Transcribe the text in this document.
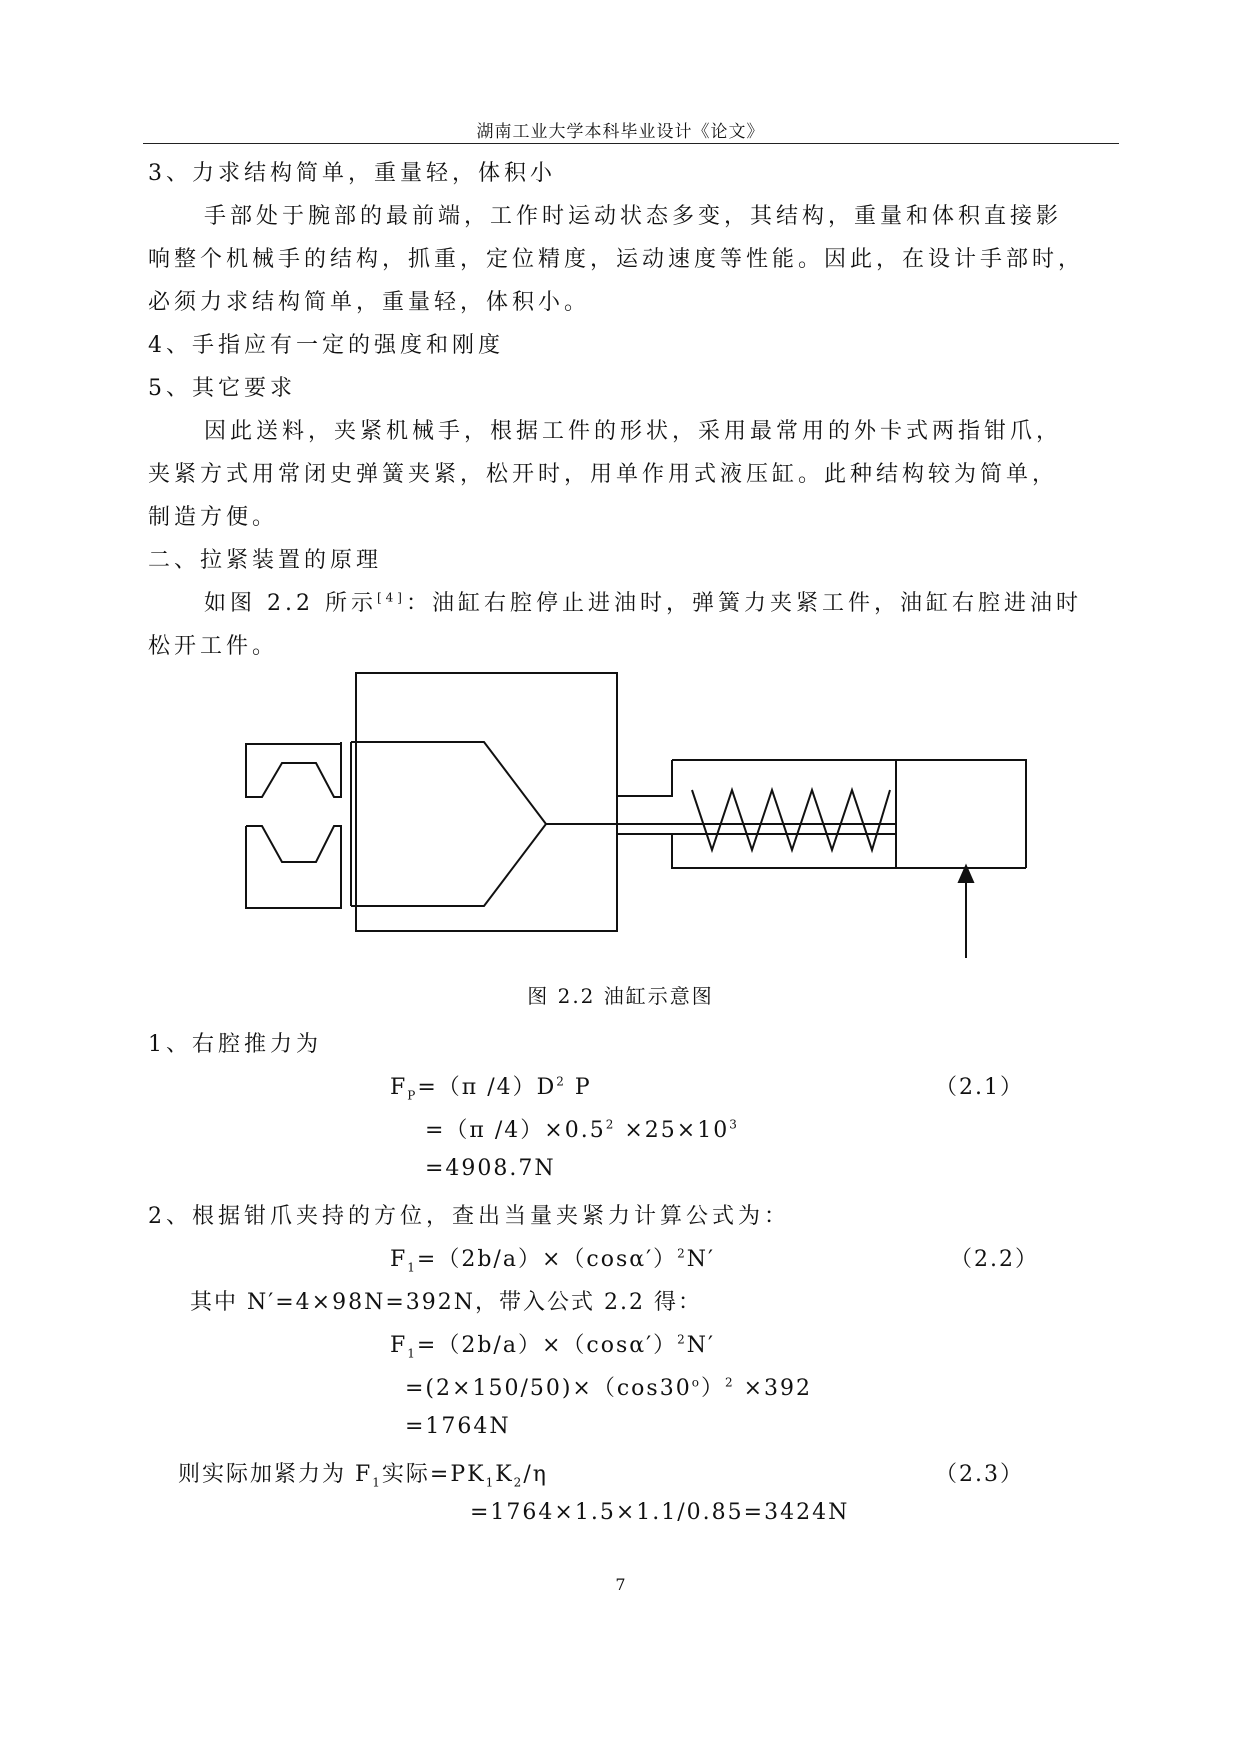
湖南工业大学本科毕业设计《论文》
3、力求结构简单，重量轻，体积小
手部处于腕部的最前端，工作时运动状态多变，其结构，重量和体积直接影
响整个机械手的结构，抓重，定位精度，运动速度等性能。因此，在设计手部时，
必须力求结构简单，重量轻，体积小。
4、手指应有一定的强度和刚度
5、其它要求
因此送料，夹紧机械手，根据工件的形状，采用最常用的外卡式两指钳爪，
夹紧方式用常闭史弹簧夹紧，松开时，用单作用式液压缸。此种结构较为简单，
制造方便。
二、拉紧装置的原理
如图 2.2 所示[4]：油缸右腔停止进油时，弹簧力夹紧工件，油缸右腔进油时
松开工件。
图 2.2 油缸示意图
1、右腔推力为
$F_P=(\pi$ $/4)D^2$ P	（2.1）
=（π $/4)\times 0.5^2 \times 25\times 10^3$
=4908.7N
2、根据钳爪夹持的方位，查出当量夹紧力计算公式为：
$F_1=(2b/a)\times(\cos\alpha')^2N'$	（2.2）
其中 N′=4×98N=392N，带入公式 2.2 得：
$F_1=(2b/a)\times(\cos\alpha')^2N'$
$=(2\times 150/50)\times(\cos 30^o)^2 \times 392$
=1764N
则实际加紧力为 $F_1$实际$=PK_1K_2/\eta$	（2.3）
=1764×1.5×1.1/0.85=3424N
7
